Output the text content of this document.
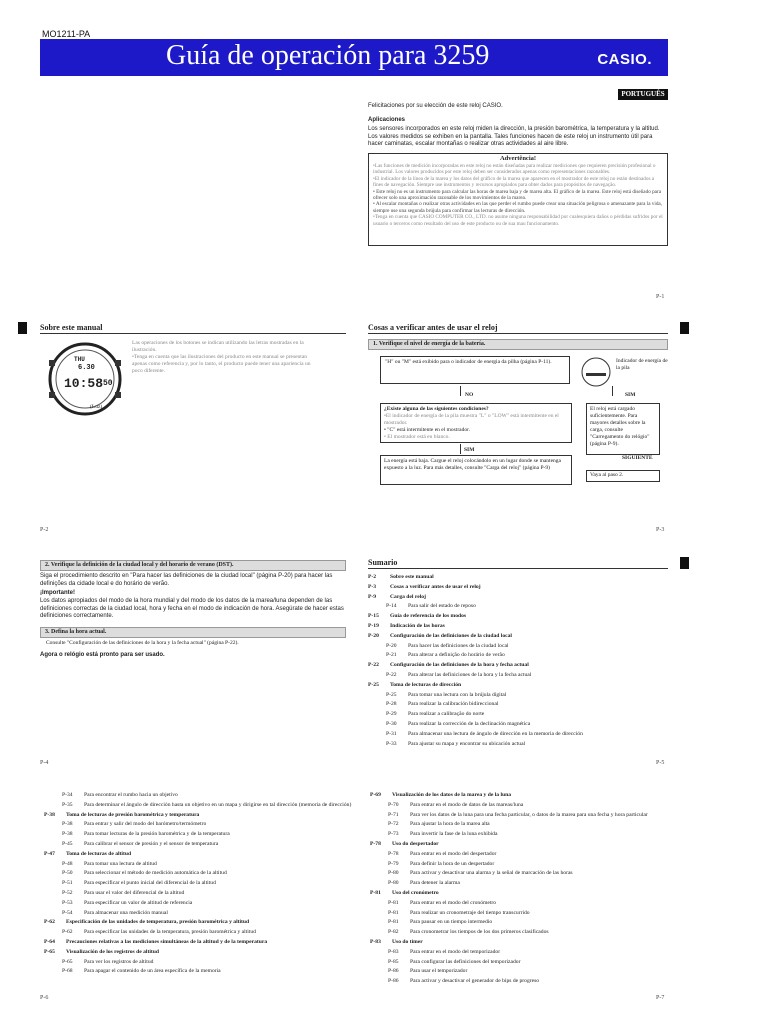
MO1211-PA
Guía de operación para 3259	CASIO.
PORTUGUÊS
Felicitaciones por su elección de este reloj CASIO.
Aplicaciones
Los sensores incorporados en este reloj miden la dirección, la presión barométrica, la temperatura y la altitud. Los valores medidos se exhiben en la pantalla. Tales funciones hacen de este reloj un instrumento útil para hacer caminatas, escalar montañas o realizar otras actividades al aire libre.
Advertência!
•Las funciones de medición incorporadas en este reloj no están diseñadas para realizar mediciones que requieren precisión profesional o industrial. Los valores producidos por este reloj deben ser considerados apenas como representaciones razonables.
•El indicador de la línea de la marea y los datos del gráfico de la marea que aparecen en el mostrador de este reloj no están destinados a fines de navegación. Siempre use instrumentos y recursos apropiados para obter dados para propósitos de navegação.
• Este reloj no es un instrumento para calcular las horas de marea baja y de marea alta. El gráfico de la marea. Este reloj está diseñado para ofrecer solo una aproximación razonable de los movimientos de la marea.
• Al escalar montañas o realizar otras actividades en las que perder el rumbo puede crear una situación peligrosa o amenazante para la vida, siempre use una segunda brújula para confirmar las lecturas de dirección.
•Tenga en cuenta que CASIO COMPUTER CO., LTD. no asume ninguna responsabilidad por cualesquiera daños o pérdidas sufridos por el usuario o terceros como resultado del uso de este producto ou de sua mau funcionamento.
P-1
Sobre este manual
Las operaciones de los botones se indican utilizando las letras mostradas en la ilustración.
•Tenga en cuenta que las ilustraciones del producto en este manual se presentan apenas como referencia y, por lo tanto, el producto puede tener una apariencia un poco diferente.
THU
6.30
10:58 50
(Luz)
P-2
Cosas a verificar antes de usar el reloj
1. Verifique el nivel de energía de la batería.
"H" ou "M" está exibido para o indicador de energia da pilha (página P-11).	Indicador de energía de la pila
NO	SIM
¿Existe alguna de las siguientes condiciones?
•El indicador de energía de la pila muestra "L" o "LOW" está intermitente en el mostrador.
• "C" está intermitente en el mostrador.
• El mostrador está en blanco.
El reloj está cargado suficientemente. Para mayores detalles sobre la carga, consulte "Carregamento do relógio" (página P-9).
SIM
La energía está baja. Cargue el reloj colocándolo en un lugar donde se mantenga expuesto a la luz. Para más detalles, consulte "Carga del reloj" (página P-9)
SIGUIENTE
Vaya al paso 2.
P-3
2. Verifique la definición de la ciudad local y del horario de verano (DST).
Siga el procedimiento descrito en "Para hacer las definiciones de la ciudad local" (página P-20) para hacer las definições da cidade local e do horário de verão.
¡Importante!
Los datos apropiados del modo de la hora mundial y del modo de los datos de la marea/luna dependen de las definiciones correctas de la ciudad local, hora y fecha en el modo de indicación de hora. Asegúrate de hacer estas definiciones correctamente.
3. Defina la hora actual.
Consulte "Configuración de las definiciones de la hora y la fecha actual" (página P-22).
Agora o relógio está pronto para ser usado.
P-4
Sumario
P-2 Sobre este manual
P-3 Cosas a verificar antes de usar el reloj
P-9 Carga del reloj
P-14 Para salir del estado de reposo
P-15 Guía de referencia de los modos
P-19 Indicación de las horas
P-20 Configuración de las definiciones de la ciudad local
P-20 Para hacer las definiciones de la ciudad local
P-21 Para alterar a definição do horário de verão
P-22 Configuración de las definiciones de la hora y fecha actual
P-22 Para alterar las definiciones de la hora y la fecha actual
P-25 Toma de lecturas de dirección
P-25 Para tomar una lectura con la brújula digital
P-28 Para realizar la calibración bidireccional
P-29 Para realizar a calibração do norte
P-30 Para realizar la corrección de la declinación magnética
P-31 Para almacenar una lectura de ángulo de dirección en la memoria de dirección
P-33 Para ajustar su mapa y encontrar su ubicación actual
P-5
P-34 Para encontrar el rumbo hacia un objetivo
P-35 Para determinar el ángulo de dirección hasta un objetivo en un mapa y dirigirse en tal dirección (memoria de dirección)
P-38 Toma de lecturas de presión barométrica y temperatura
P-38 Para entrar y salir del modo del barómetro/termómetro
P-38 Para tomar lecturas de la presión barométrica y de la temperatura
P-45 Para calibrar el sensor de presión y el sensor de temperatura
P-47 Toma de lecturas de altitud
P-48 Para tomar una lectura de altitud
P-50 Para seleccionar el método de medición automática de la altitud
P-51 Para especificar el punto inicial del diferencial de la altitud
P-52 Para usar el valor del diferencial de la altitud
P-53 Para especificar un valor de altitud de referencia
P-54 Para almacenar una medición manual
P-62 Especificación de las unidades de temperatura, presión barométrica y altitud
P-62 Para especificar las unidades de la temperatura, presión barométrica y altitud
P-64 Precauciones relativas a las mediciones simultáneas de la altitud y de la temperatura
P-65 Visualización de los registros de altitud
P-65 Para ver los registros de altitud
P-68 Para apagar el contenido de un área específica de la memoria
P-69 Visualización de los datos de la marea y de la luna
P-70 Para entrar en el modo de datos de las mareas/luna
P-71 Para ver los datos de la luna para una fecha particular, o datos de la marea para una fecha y hora particular
P-72 Para ajustar la hora de la marea alta
P-73 Para invertir la fase de la luna exhibida
P-78 Uso do despertador
P-78 Para entrar en el modo del despertador
P-79 Para definir la hora de un despertador
P-80 Para activar y desactivar una alarma y la señal de marcación de las horas
P-80 Para detener la alarma
P-81 Uso del cronómetro
P-81 Para entrar en el modo del cronómetro
P-81 Para realizar un cronometraje del tiempo transcurrido
P-81 Para pausar en un tiempo intermedio
P-82 Para cronometrar los tiempos de los dos primeros clasificados
P-83 Uso do timer
P-83 Para entrar en el modo del temporizador
P-85 Para configurar las definiciones del temporizador
P-86 Para usar el temporizador
P-86 Para activar y desactivar el generador de bips de progreso
P-6	P-7
